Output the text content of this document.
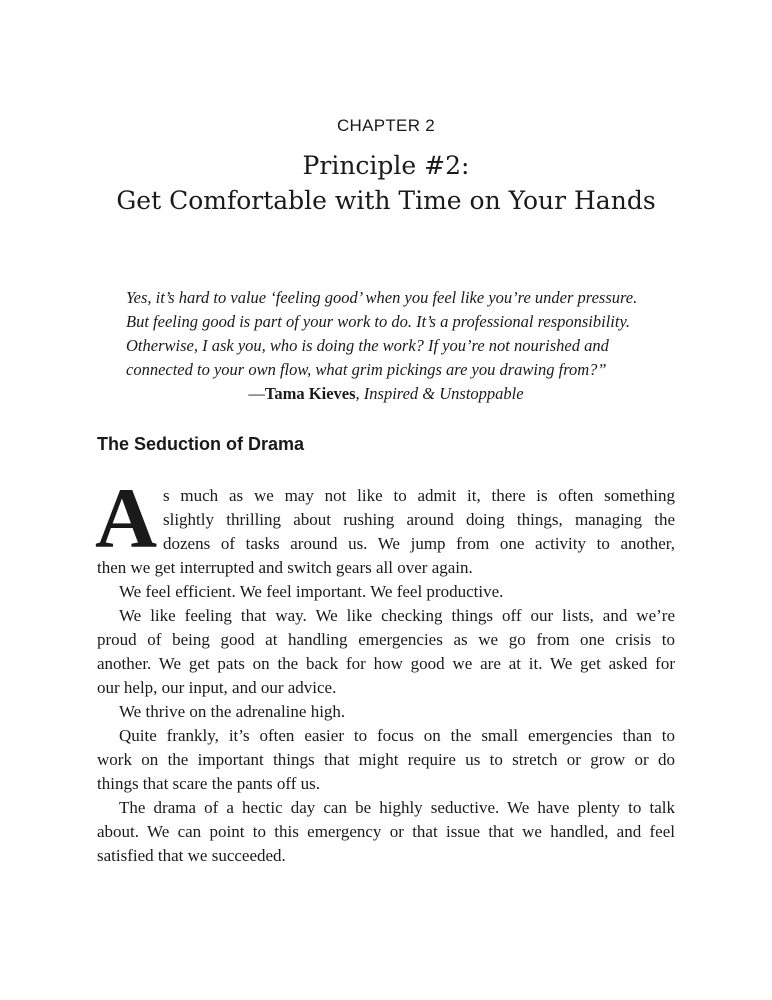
CHAPTER 2
Principle #2:
Get Comfortable with Time on Your Hands
Yes, it’s hard to value ‘feeling good’ when you feel like you’re under pressure.
But feeling good is part of your work to do. It’s a professional responsibility.
Otherwise, I ask you, who is doing the work? If you’re not nourished and
connected to your own flow, what grim pickings are you drawing from?”
—Tama Kieves, Inspired & Unstoppable
The Seduction of Drama
A s much as we may not like to admit it, there is often something
slightly thrilling about rushing around doing things, managing the
dozens of tasks around us. We jump from one activity to another,
then we get interrupted and switch gears all over again.
We feel efficient. We feel important. We feel productive.
We like feeling that way. We like checking things off our lists, and we’re
proud of being good at handling emergencies as we go from one crisis to
another. We get pats on the back for how good we are at it. We get asked for
our help, our input, and our advice.
We thrive on the adrenaline high.
Quite frankly, it’s often easier to focus on the small emergencies than to
work on the important things that might require us to stretch or grow or do
things that scare the pants off us.
The drama of a hectic day can be highly seductive. We have plenty to talk
about. We can point to this emergency or that issue that we handled, and feel
satisfied that we succeeded.
